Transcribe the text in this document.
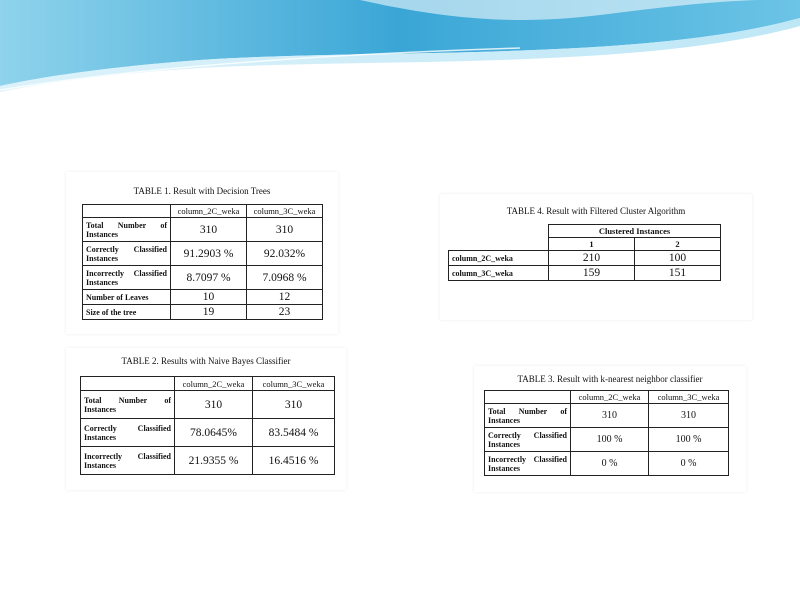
TABLE 1. Result with Decision Trees
	column_2C_weka	column_3C_weka

Total Number of
Instances	310	310

Correctly Classified
Instances	91.2903 %	92.032%

Incorrectly Classified
Instances	8.7097 %	7.0968 %
Number of Leaves	10	12
Size of the tree	19	23
TABLE 2. Results with Naive Bayes Classifier
	column_2C_weka	column_3C_weka

Total Number of
Instances	310	310

Correctly Classified
Instances	78.0645%	83.5484 %

Incorrectly Classified
Instances	21.9355 %	16.4516 %
TABLE 4. Result with Filtered Cluster Algorithm
	Clustered Instances	
	1	2
column_2C_weka	210	100
column_3C_weka	159	151
TABLE 3. Result with k-nearest neighbor classifier
	column_2C_weka	column_3C_weka

Total Number of
Instances	310	310

Correctly Classified
Instances	100 %	100 %

Incorrectly Classified
Instances	0 %	0 %
